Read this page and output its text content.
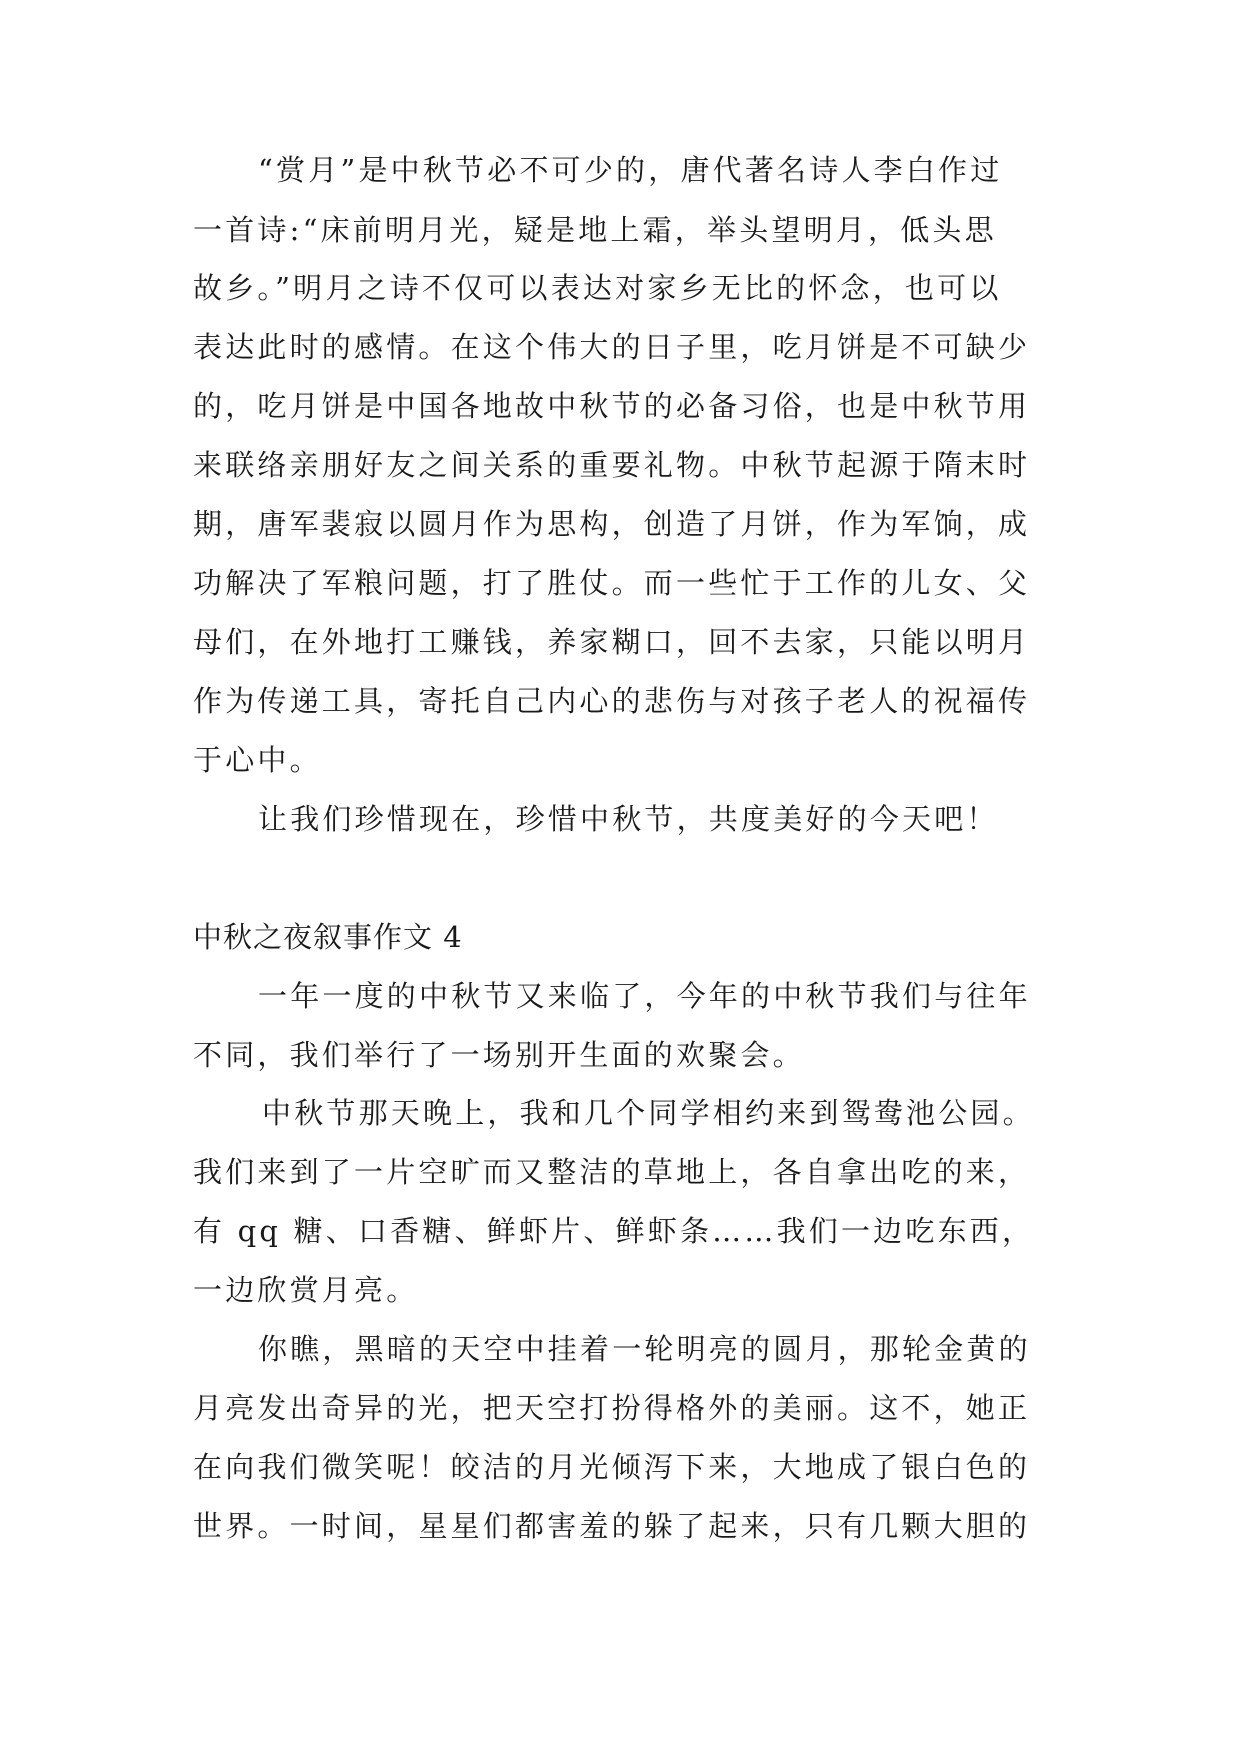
“赏月”是中秋节必不可少的，唐代著名诗人李白作过
一首诗:“床前明月光，疑是地上霜，举头望明月，低头思
故乡。”明月之诗不仅可以表达对家乡无比的怀念，也可以
表达此时的感情。在这个伟大的日子里，吃月饼是不可缺少
的，吃月饼是中国各地故中秋节的必备习俗，也是中秋节用
来联络亲朋好友之间关系的重要礼物。中秋节起源于隋末时
期，唐军裴寂以圆月作为思构，创造了月饼，作为军饷，成
功解决了军粮问题，打了胜仗。而一些忙于工作的儿女、父
母们，在外地打工赚钱，养家糊口，回不去家，只能以明月
作为传递工具，寄托自己内心的悲伤与对孩子老人的祝福传
于心中。
让我们珍惜现在，珍惜中秋节，共度美好的今天吧！
中秋之夜叙事作文 4
一年一度的中秋节又来临了，今年的中秋节我们与往年
不同，我们举行了一场别开生面的欢聚会。
中秋节那天晚上，我和几个同学相约来到鸳鸯池公园。
我们来到了一片空旷而又整洁的草地上，各自拿出吃的来，
有 qq 糖、口香糖、鲜虾片、鲜虾条……我们一边吃东西，
一边欣赏月亮。
你瞧，黑暗的天空中挂着一轮明亮的圆月，那轮金黄的
月亮发出奇异的光，把天空打扮得格外的美丽。这不，她正
在向我们微笑呢！皎洁的月光倾泻下来，大地成了银白色的
世界。一时间，星星们都害羞的躲了起来，只有几颗大胆的
